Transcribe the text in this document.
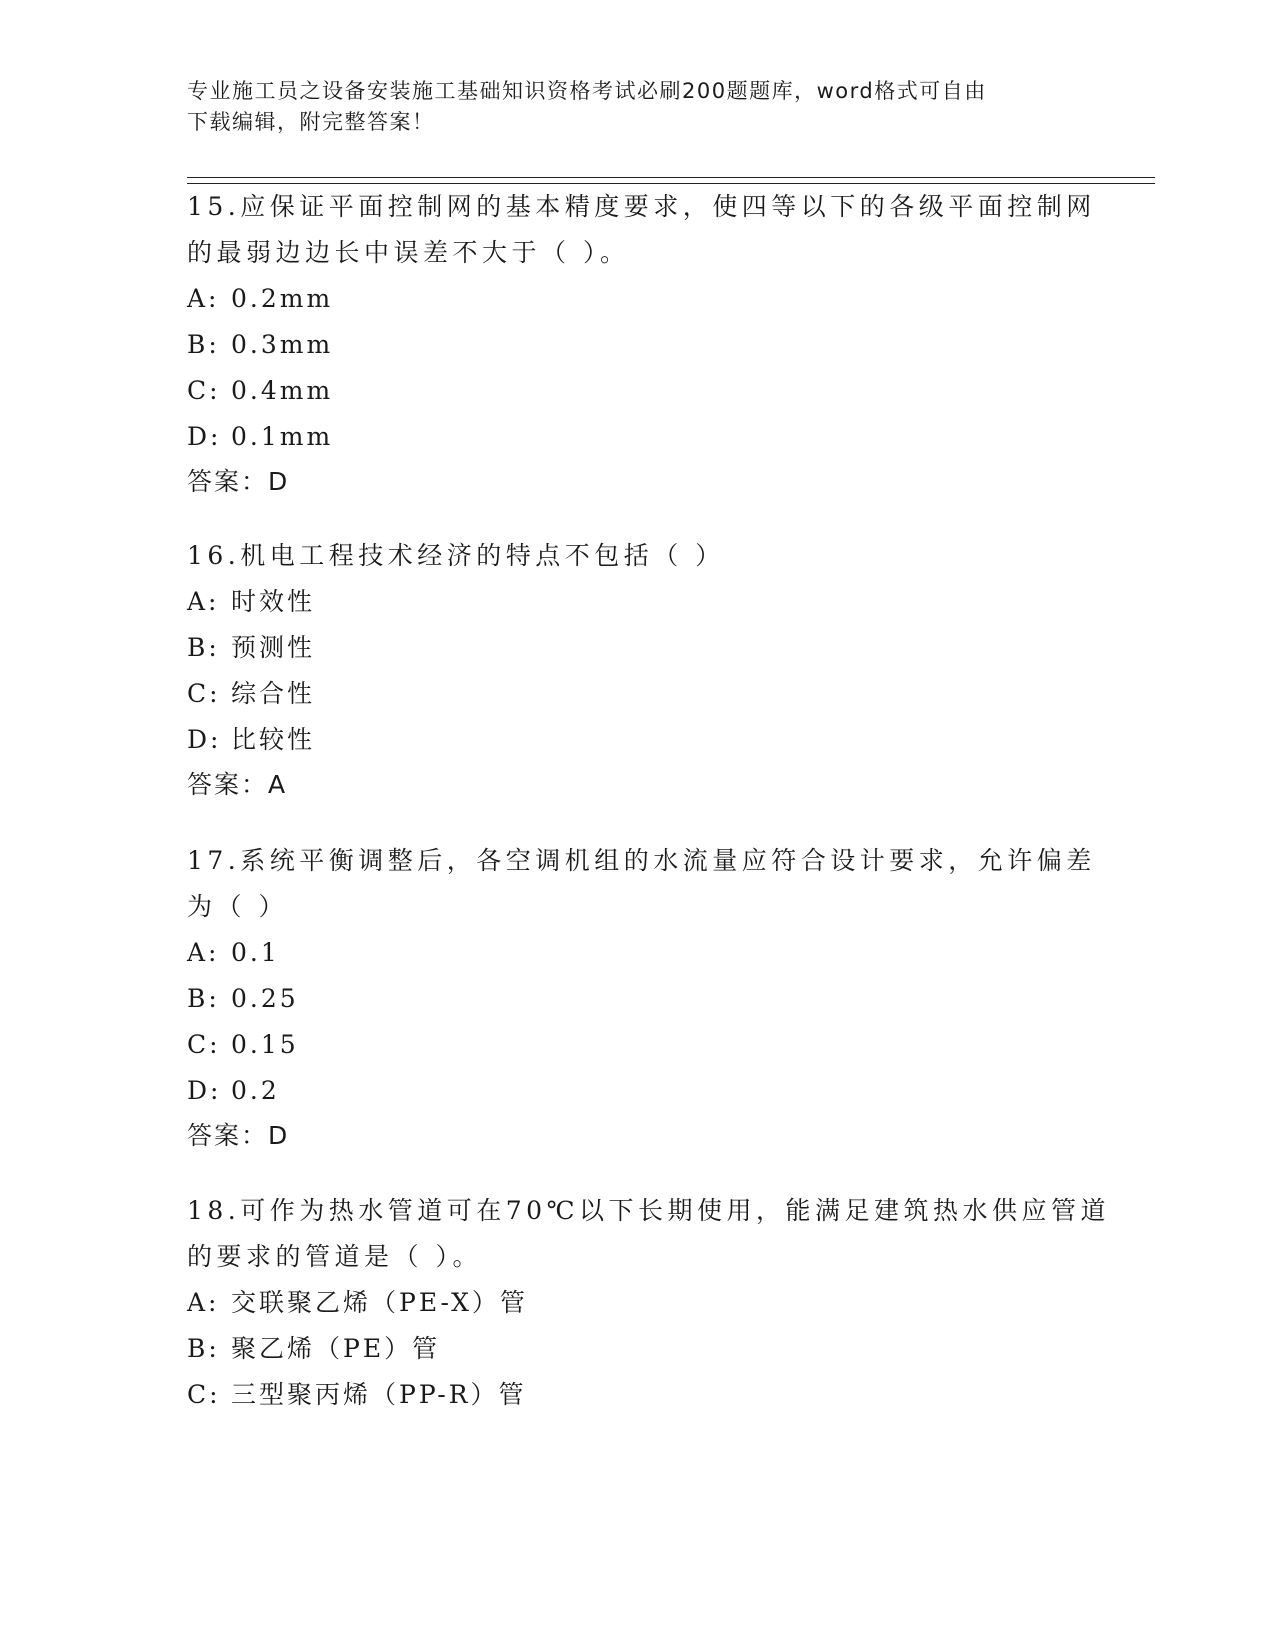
专业施工员之设备安装施工基础知识资格考试必刷200题题库，word格式可自由
下载编辑，附完整答案！
15.应保证平面控制网的基本精度要求，使四等以下的各级平面控制网
的最弱边边长中误差不大于（ ）。
A: 0.2mm
B: 0.3mm
C: 0.4mm
D: 0.1mm
答案：D
16.机电工程技术经济的特点不包括（ ）
A: 时效性
B: 预测性
C: 综合性
D: 比较性
答案：A
17.系统平衡调整后，各空调机组的水流量应符合设计要求，允许偏差
为（ ）
A: 0.1
B: 0.25
C: 0.15
D: 0.2
答案：D
18.可作为热水管道可在70℃以下长期使用，能满足建筑热水供应管道
的要求的管道是（ ）。
A: 交联聚乙烯（PE-X）管
B: 聚乙烯（PE）管
C: 三型聚丙烯（PP-R）管
